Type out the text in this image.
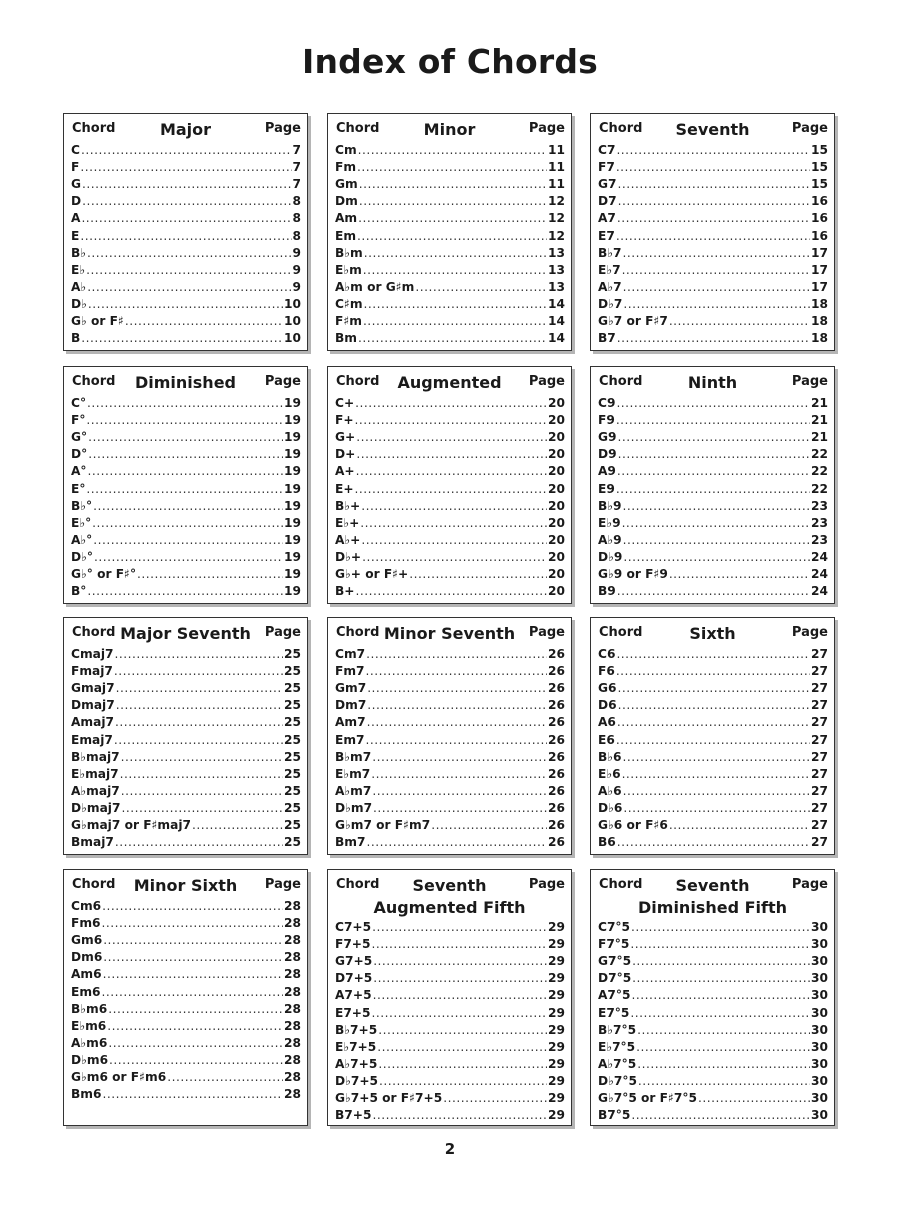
Index of Chords
Chord	Major	Page
C .....	7
F .....	7
G .....	7
D .....	8
A .....	8
E .....	8
B♭ .....	9
E♭ .....	9
A♭ .....	9
D♭ .....	10
G♭ or F♯ .....	10
B .....	10
Chord	Minor	Page
Cm .....	11
Fm .....	11
Gm .....	11
Dm .....	12
Am .....	12
Em .....	12
B♭m .....	13
E♭m .....	13
A♭m or G♯m .....	13
C♯m .....	14
F♯m .....	14
Bm .....	14
Chord	Seventh	Page
C7 .....	15
F7 .....	15
G7 .....	15
D7 .....	16
A7 .....	16
E7 .....	16
B♭7 .....	17
E♭7 .....	17
A♭7 .....	17
D♭7 .....	18
G♭7 or F♯7 .....	18
B7 .....	18
Chord	Diminished	Page
C° .....	19
F° .....	19
G° .....	19
D° .....	19
A° .....	19
E° .....	19
B♭° .....	19
E♭° .....	19
A♭° .....	19
D♭° .....	19
G♭° or F♯° .....	19
B° .....	19
Chord	Augmented	Page
C+ .....	20
F+ .....	20
G+ .....	20
D+ .....	20
A+ .....	20
E+ .....	20
B♭+ .....	20
E♭+ .....	20
A♭+ .....	20
D♭+ .....	20
G♭+ or F♯+ .....	20
B+ .....	20
Chord	Ninth	Page
C9 .....	21
F9 .....	21
G9 .....	21
D9 .....	22
A9 .....	22
E9 .....	22
B♭9 .....	23
E♭9 .....	23
A♭9 .....	23
D♭9 .....	24
G♭9 or F♯9 .....	24
B9 .....	24
Chord Major Seventh	Page
Cmaj7 .....	25
Fmaj7 .....	25
Gmaj7 .....	25
Dmaj7 .....	25
Amaj7 .....	25
Emaj7 .....	25
B♭maj7 .....	25
E♭maj7 .....	25
A♭maj7 .....	25
D♭maj7 .....	25
G♭maj7 or F♯maj7 .....	25
Bmaj7 .....	25
Chord Minor Seventh	Page
Cm7 .....	26
Fm7 .....	26
Gm7 .....	26
Dm7 .....	26
Am7 .....	26
Em7 .....	26
B♭m7 .....	26
E♭m7 .....	26
A♭m7 .....	26
D♭m7 .....	26
G♭m7 or F♯m7 .....	26
Bm7 .....	26
Chord	Sixth	Page
C6 .....	27
F6 .....	27
G6 .....	27
D6 .....	27
A6 .....	27
E6 .....	27
B♭6 .....	27
E♭6 .....	27
A♭6 .....	27
D♭6 .....	27
G♭6 or F♯6 .....	27
B6 .....	27
Chord	Minor Sixth	Page
Cm6 .....	28
Fm6 .....	28
Gm6 .....	28
Dm6 .....	28
Am6 .....	28
Em6 .....	28
B♭m6 .....	28
E♭m6 .....	28
A♭m6 .....	28
D♭m6 .....	28
G♭m6 or F♯m6 .....	28
Bm6 .....	28
Chord	Seventh
Augmented Fifth
Page
C7+5 .....	29
F7+5 .....	29
G7+5 .....	29
D7+5 .....	29
A7+5 .....	29
E7+5 .....	29
B♭7+5 .....	29
E♭7+5 .....	29
A♭7+5 .....	29
D♭7+5 .....	29
G♭7+5 or F♯7+5 .....	29
B7+5 .....	29
Chord	Seventh
Diminished Fifth
Page
C7°5 .....	30
F7°5 .....	30
G7°5 .....	30
D7°5 .....	30
A7°5 .....	30
E7°5 .....	30
B♭7°5 .....	30
E♭7°5 .....	30
A♭7°5 .....	30
D♭7°5 .....	30
G♭7°5 or F♯7°5 .....	30
B7°5 .....	30
2
